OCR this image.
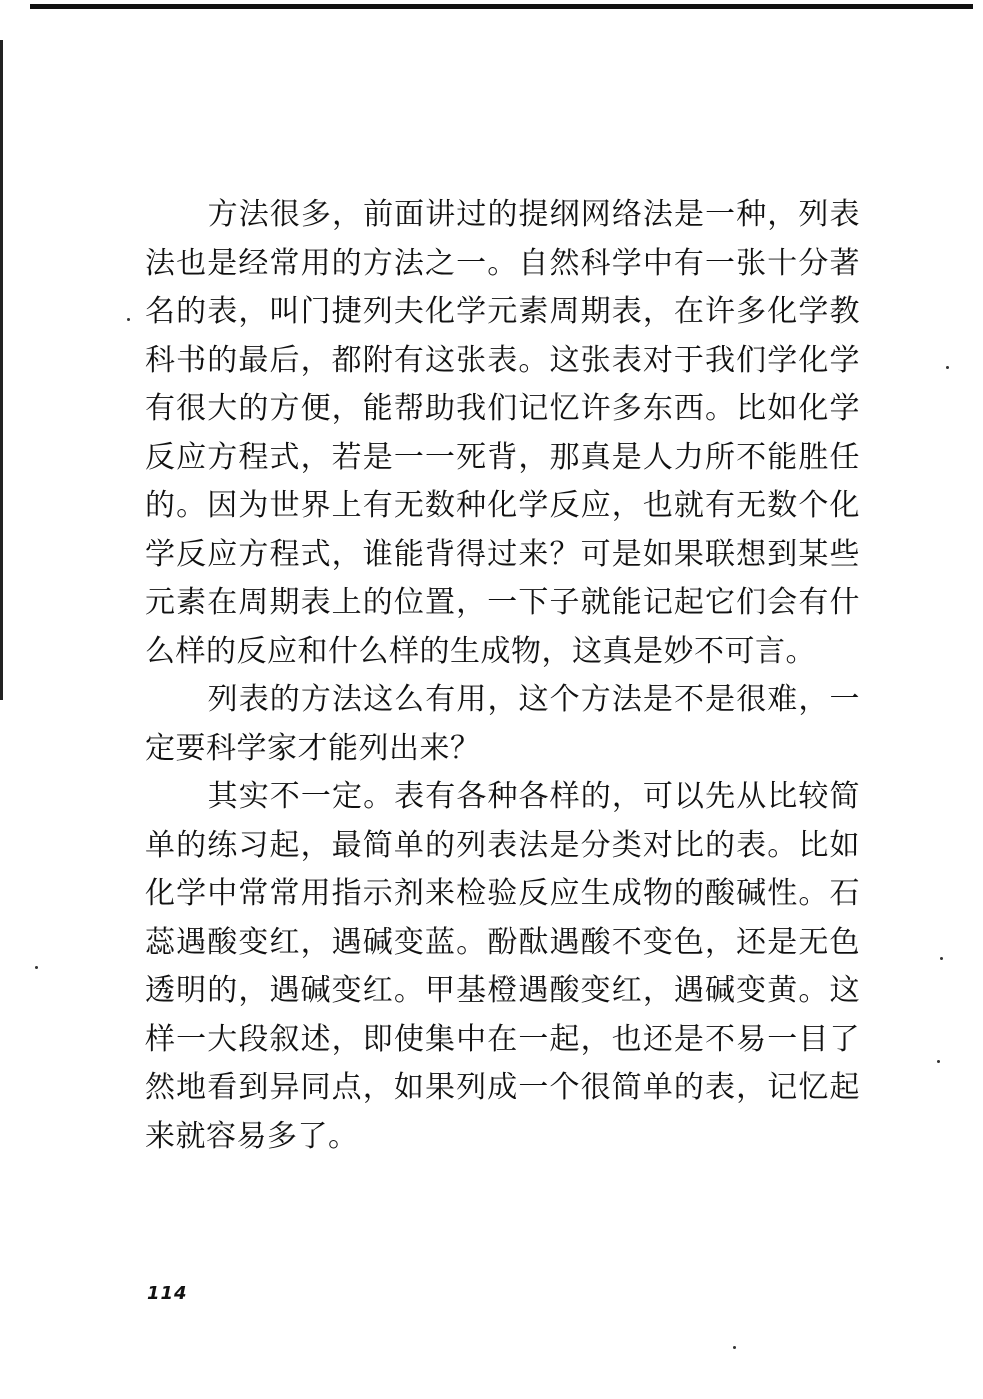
方法很多，前面讲过的提纲网络法是一种，列表法也是经常用的方法之一。自然科学中有一张十分著名的表，叫门捷列夫化学元素周期表，在许多化学教科书的最后，都附有这张表。这张表对于我们学化学有很大的方便，能帮助我们记忆许多东西。比如化学反应方程式，若是一一死背，那真是人力所不能胜任的。因为世界上有无数种化学反应，也就有无数个化学反应方程式，谁能背得过来？可是如果联想到某些元素在周期表上的位置，一下子就能记起它们会有什么样的反应和什么样的生成物，这真是妙不可言。

列表的方法这么有用，这个方法是不是很难，一定要科学家才能列出来？

其实不一定。表有各种各样的，可以先从比较简单的练习起，最简单的列表法是分类对比的表。比如化学中常常用指示剂来检验反应生成物的酸碱性。石蕊遇酸变红，遇碱变蓝。酚酞遇酸不变色，还是无色透明的，遇碱变红。甲基橙遇酸变红，遇碱变黄。这样一大段叙述，即使集中在一起，也还是不易一目了然地看到异同点，如果列成一个很简单的表，记忆起来就容易多了。

114
